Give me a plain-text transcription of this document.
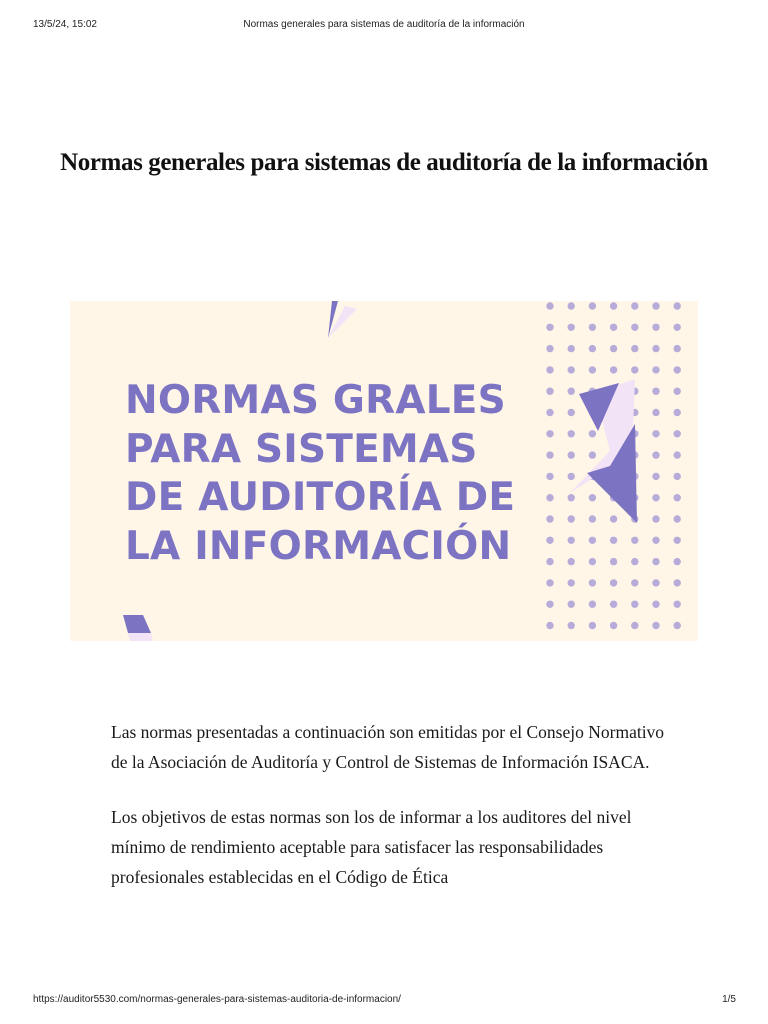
13/5/24, 15:02	Normas generales para sistemas de auditoría de la información
Normas generales para sistemas de auditoría de la información
NORMAS GRALES
PARA SISTEMAS
DE AUDITORÍA DE
LA INFORMACIÓN

Las normas presentadas a continuación son emitidas por el Consejo Normativo de la Asociación de Auditoría y Control de Sistemas de Información ISACA.

Los objetivos de estas normas son los de informar a los auditores del nivel mínimo de rendimiento aceptable para satisfacer las responsabilidades profesionales establecidas en el Código de Ética

https://auditor5530.com/normas-generales-para-sistemas-auditoria-de-informacion/	1/5
